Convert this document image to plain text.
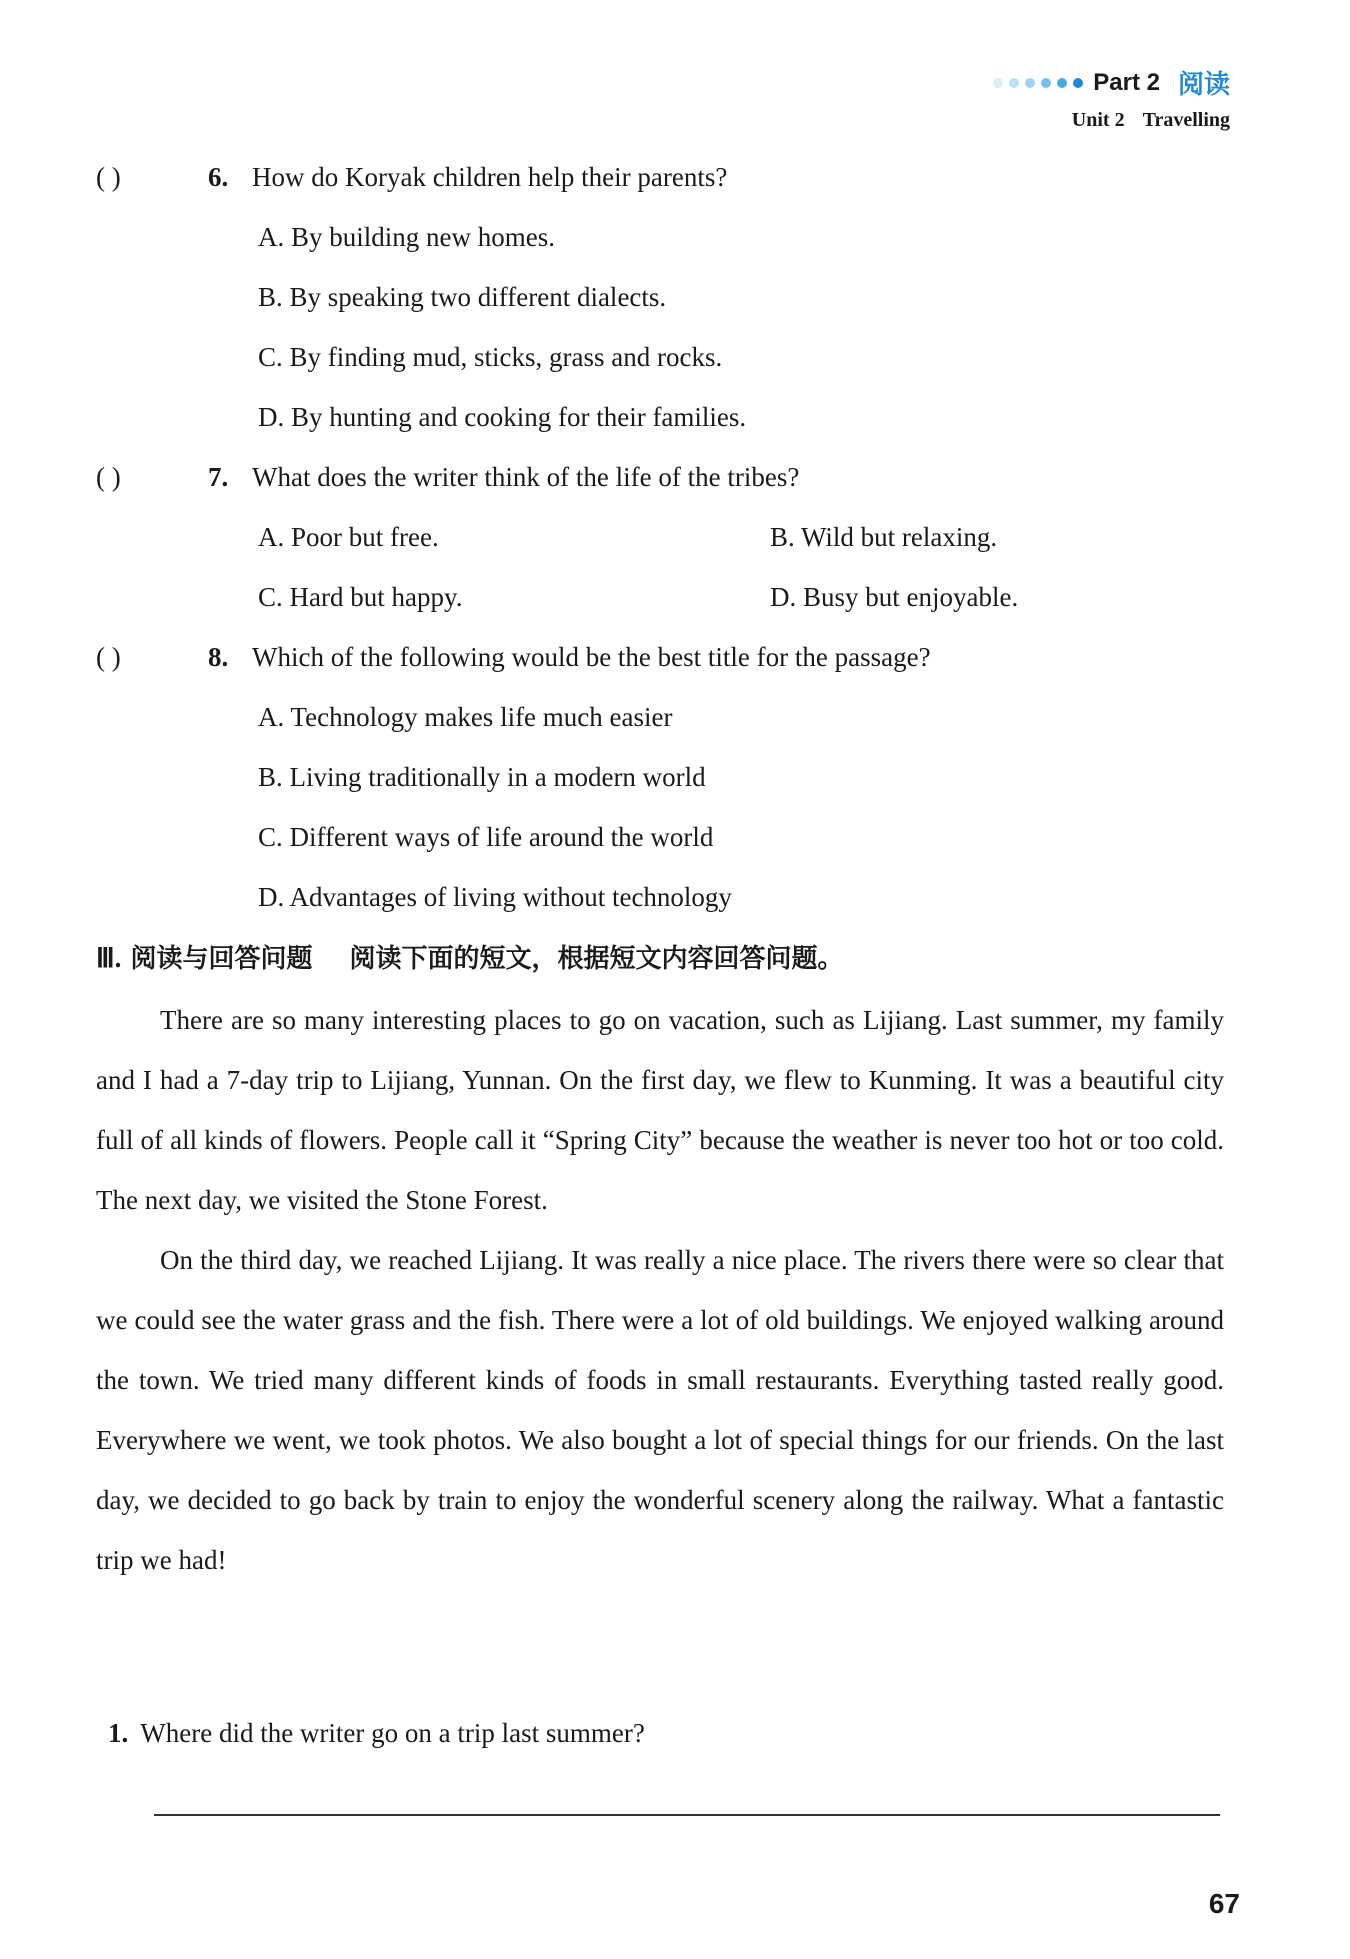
Part 2 阅读
Unit 2 Travelling
( )	6. How do Koryak children help their parents?
A. By building new homes.
B. By speaking two different dialects.
C. By finding mud, sticks, grass and rocks.
D. By hunting and cooking for their families.
( )	7. What does the writer think of the life of the tribes?
A. Poor but free.	B. Wild but relaxing.
C. Hard but happy.	D. Busy but enjoyable.
( )	8. Which of the following would be the best title for the passage?
A. Technology makes life much easier
B. Living traditionally in a modern world
C. Different ways of life around the world
D. Advantages of living without technology
Ⅲ. 阅读与回答问题 阅读下面的短文，根据短文内容回答问题。

There are so many interesting places to go on vacation, such as Lijiang. Last summer, my family and I had a 7-day trip to Lijiang, Yunnan. On the first day, we flew to Kunming. It was a beautiful city full of all kinds of flowers. People call it “Spring City” because the weather is never too hot or too cold. The next day, we visited the Stone Forest.

On the third day, we reached Lijiang. It was really a nice place. The rivers there were so clear that we could see the water grass and the fish. There were a lot of old buildings. We enjoyed walking around the town. We tried many different kinds of foods in small restaurants. Everything tasted really good. Everywhere we went, we took photos. We also bought a lot of special things for our friends. On the last day, we decided to go back by train to enjoy the wonderful scenery along the railway. What a fantastic trip we had!

1. Where did the writer go on a trip last summer?
67
